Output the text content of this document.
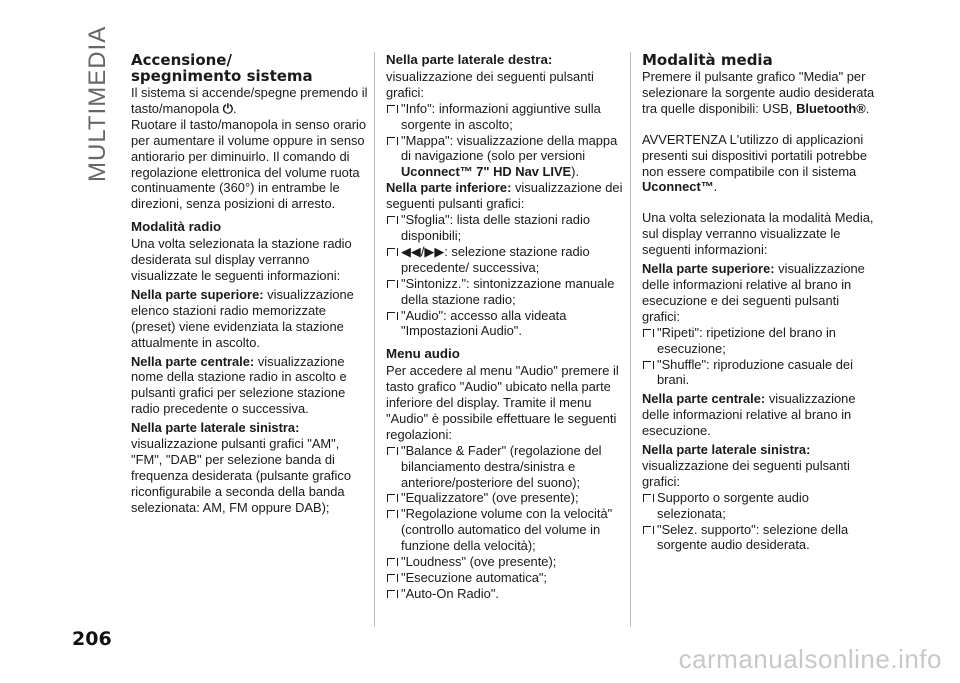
MULTIMEDIA
206
Accensione/
spegnimento sistema

Il sistema si accende/spegne premendo il tasto/manopola ⏻.

Ruotare il tasto/manopola in senso orario per aumentare il volume oppure in senso antiorario per diminuirlo. Il comando di regolazione elettronica del volume ruota continuamente (360°) in entrambe le direzioni, senza posizioni di arresto.

Modalità radio

Una volta selezionata la stazione radio desiderata sul display verranno visualizzate le seguenti informazioni:

Nella parte superiore: visualizzazione elenco stazioni radio memorizzate (preset) viene evidenziata la stazione attualmente in ascolto.

Nella parte centrale: visualizzazione nome della stazione radio in ascolto e pulsanti grafici per selezione stazione radio precedente o successiva.

Nella parte laterale sinistra:
visualizzazione pulsanti grafici "AM", "FM", "DAB" per selezione banda di frequenza desiderata (pulsante grafico riconfigurabile a seconda della banda selezionata: AM, FM oppure DAB);

Nella parte laterale destra:

visualizzazione dei seguenti pulsanti grafici:

"Info": informazioni aggiuntive sulla sorgente in ascolto;

"Mappa": visualizzazione della mappa di navigazione (solo per versioni Uconnect™ 7" HD Nav LIVE).

Nella parte inferiore: visualizzazione dei seguenti pulsanti grafici:

"Sfoglia": lista delle stazioni radio disponibili;

◀◀/▶▶: selezione stazione radio precedente/ successiva;

"Sintonizz.": sintonizzazione manuale della stazione radio;

"Audio": accesso alla videata "Impostazioni Audio".

Menu audio

Per accedere al menu "Audio" premere il tasto grafico "Audio" ubicato nella parte inferiore del display. Tramite il menu "Audio" è possibile effettuare le seguenti regolazioni:

"Balance & Fader" (regolazione del bilanciamento destra/sinistra e anteriore/posteriore del suono);

"Equalizzatore" (ove presente);

"Regolazione volume con la velocità" (controllo automatico del volume in funzione della velocità);

"Loudness" (ove presente);

"Esecuzione automatica";

"Auto-On Radio".

Modalità media

Premere il pulsante grafico "Media" per selezionare la sorgente audio desiderata tra quelle disponibili: USB, Bluetooth®.

AVVERTENZA L'utilizzo di applicazioni presenti sui dispositivi portatili potrebbe non essere compatibile con il sistema Uconnect™.

Una volta selezionata la modalità Media, sul display verranno visualizzate le seguenti informazioni:

Nella parte superiore: visualizzazione delle informazioni relative al brano in esecuzione e dei seguenti pulsanti grafici:

"Ripeti": ripetizione del brano in esecuzione;

"Shuffle": riproduzione casuale dei brani.

Nella parte centrale: visualizzazione delle informazioni relative al brano in esecuzione.

Nella parte laterale sinistra:
visualizzazione dei seguenti pulsanti grafici:

Supporto o sorgente audio selezionata;

"Selez. supporto": selezione della sorgente audio desiderata.

carmanualsonline.info
